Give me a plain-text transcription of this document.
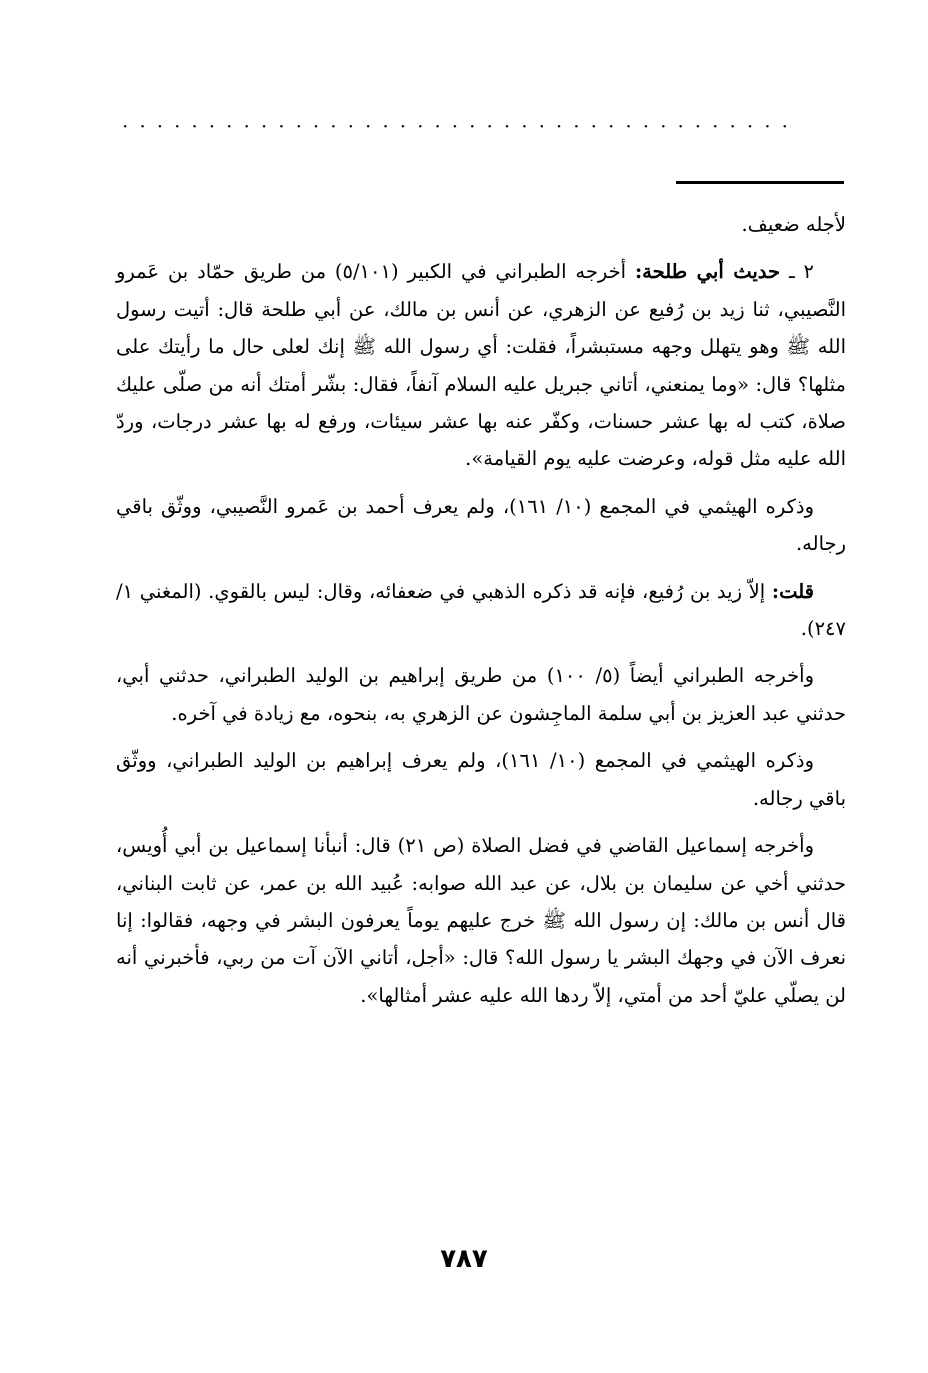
·······································

لأجله ضعيف.

٢ ـ حديث أبي طلحة: أخرجه الطبراني في الكبير (٥/١٠١) من طريق حمّاد بن عَمرو النَّصيبي، ثنا زيد بن رُفيع عن الزهري، عن أنس بن مالك، عن أبي طلحة قال: أتيت رسول الله ﷺ وهو يتهلل وجهه مستبشراً، فقلت: أي رسول الله ﷺ إنك لعلى حال ما رأيتك على مثلها؟ قال: «وما يمنعني، أتاني جبريل عليه السلام آنفاً، فقال: بشّر أمتك أنه من صلّى عليك صلاة، كتب له بها عشر حسنات، وكفّر عنه بها عشر سيئات، ورفع له بها عشر درجات، وردّ الله عليه مثل قوله، وعرضت عليه يوم القيامة».

وذكره الهيثمي في المجمع (١٠/ ١٦١)، ولم يعرف أحمد بن عَمرو النَّصيبي، ووثّق باقي رجاله.

قلت: إلاّ زيد بن رُفيع، فإنه قد ذكره الذهبي في ضعفائه، وقال: ليس بالقوي. (المغني ١/ ٢٤٧).

وأخرجه الطبراني أيضاً (٥/ ١٠٠) من طريق إبراهيم بن الوليد الطبراني، حدثني أبي، حدثني عبد العزيز بن أبي سلمة الماجِشون عن الزهري به، بنحوه، مع زيادة في آخره.

وذكره الهيثمي في المجمع (١٠/ ١٦١)، ولم يعرف إبراهيم بن الوليد الطبراني، ووثّق باقي رجاله.

وأخرجه إسماعيل القاضي في فضل الصلاة (ص ٢١) قال: أنبأنا إسماعيل بن أبي أُويس، حدثني أخي عن سليمان بن بلال، عن عبد الله صوابه: عُبيد الله بن عمر، عن ثابت البناني، قال أنس بن مالك: إن رسول الله ﷺ خرج عليهم يوماً يعرفون البشر في وجهه، فقالوا: إنا نعرف الآن في وجهك البشر يا رسول الله؟ قال: «أجل، أتاني الآن آت من ربي، فأخبرني أنه لن يصلّي عليّ أحد من أمتي، إلاّ ردها الله عليه عشر أمثالها».

٧٨٧
